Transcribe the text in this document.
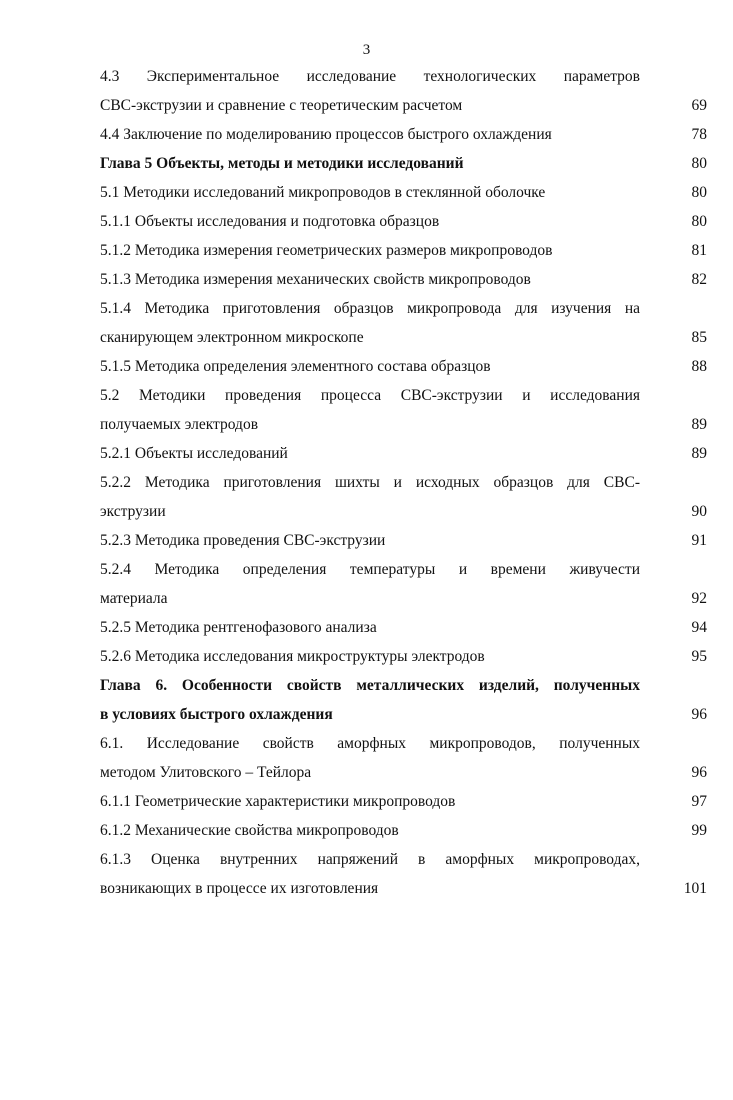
3
4.3 Экспериментальное исследование технологических параметров
СВС-экструзии и сравнение с теоретическим расчетом	69
4.4 Заключение по моделированию процессов быстрого охлаждения	78
Глава 5 Объекты, методы и методики исследований	80
5.1 Методики исследований микропроводов в стеклянной оболочке	80
5.1.1 Объекты исследования и подготовка образцов	80
5.1.2 Методика измерения геометрических размеров микропроводов	81
5.1.3 Методика измерения механических свойств микропроводов	82
5.1.4 Методика приготовления образцов микропровода для изучения на
сканирующем электронном микроскопе	85
5.1.5 Методика определения элементного состава образцов	88
5.2 Методики проведения процесса СВС-экструзии и исследования
получаемых электродов	89
5.2.1 Объекты исследований	89
5.2.2 Методика приготовления шихты и исходных образцов для СВС-
экструзии	90
5.2.3 Методика проведения СВС-экструзии	91
5.2.4 Методика определения температуры и времени живучести
материала	92
5.2.5 Методика рентгенофазового анализа	94
5.2.6 Методика исследования микроструктуры электродов	95
Глава 6. Особенности свойств металлических изделий, полученных
в условиях быстрого охлаждения	96
6.1. Исследование свойств аморфных микропроводов, полученных
методом Улитовского – Тейлора	96
6.1.1 Геометрические характеристики микропроводов	97
6.1.2 Механические свойства микропроводов	99
6.1.3 Оценка внутренних напряжений в аморфных микропроводах,
возникающих в процессе их изготовления	101
